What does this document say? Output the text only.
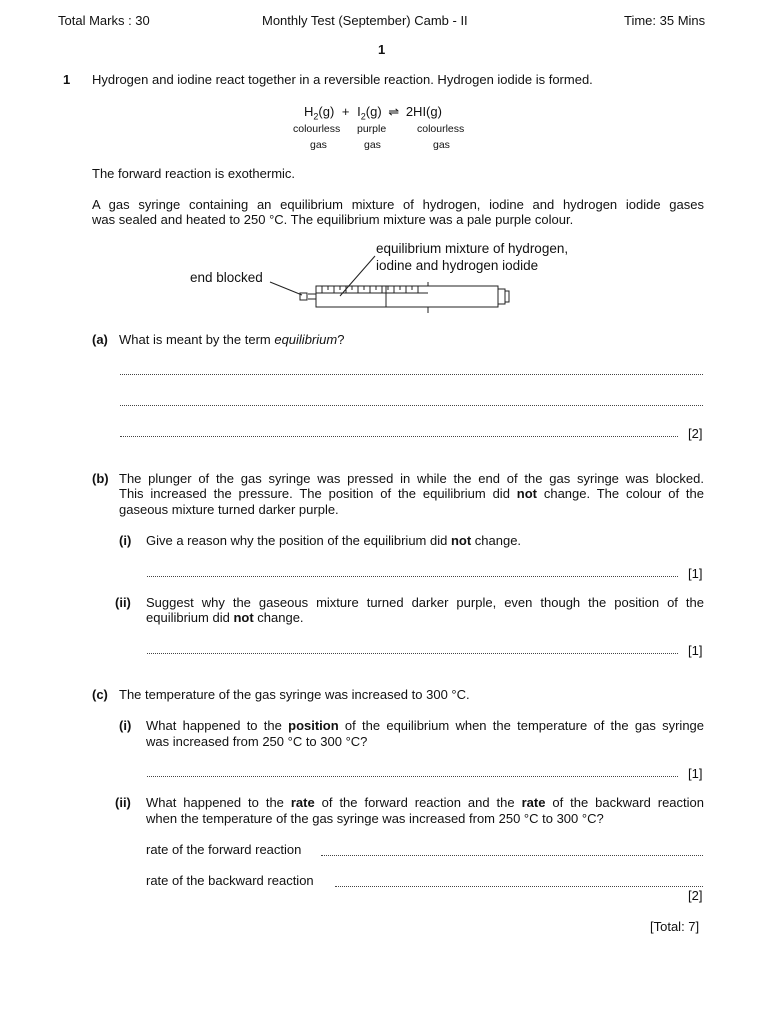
Total Marks : 30	Monthly Test (September) Camb - II	Time: 35 Mins
1
1 Hydrogen and iodine react together in a reversible reaction. Hydrogen iodide is formed.
$H_2(g) + I_2(g)$ ⇌ 2HI(g)
colourless
gas
purple
gas
colourless
gas
The forward reaction is exothermic.
A gas syringe containing an equilibrium mixture of hydrogen, iodine and hydrogen iodide gases
was sealed and heated to 250 °C. The equilibrium mixture was a pale purple colour.
equilibrium mixture of hydrogen,
iodine and hydrogen iodide
end blocked
(a) What is meant by the term equilibrium?
[2]
(b) The plunger of the gas syringe was pressed in while the end of the gas syringe was blocked.
This increased the pressure. The position of the equilibrium did not change. The colour of the
gaseous mixture turned darker purple.
(i) Give a reason why the position of the equilibrium did not change.
[1]
(ii) Suggest why the gaseous mixture turned darker purple, even though the position of the
equilibrium did not change.
[1]
(c) The temperature of the gas syringe was increased to 300 °C.
(i) What happened to the position of the equilibrium when the temperature of the gas syringe
was increased from 250 °C to 300 °C?
[1]
(ii) What happened to the rate of the forward reaction and the rate of the backward reaction
when the temperature of the gas syringe was increased from 250 °C to 300 °C?
rate of the forward reaction
rate of the backward reaction
[2]
[Total: 7]
